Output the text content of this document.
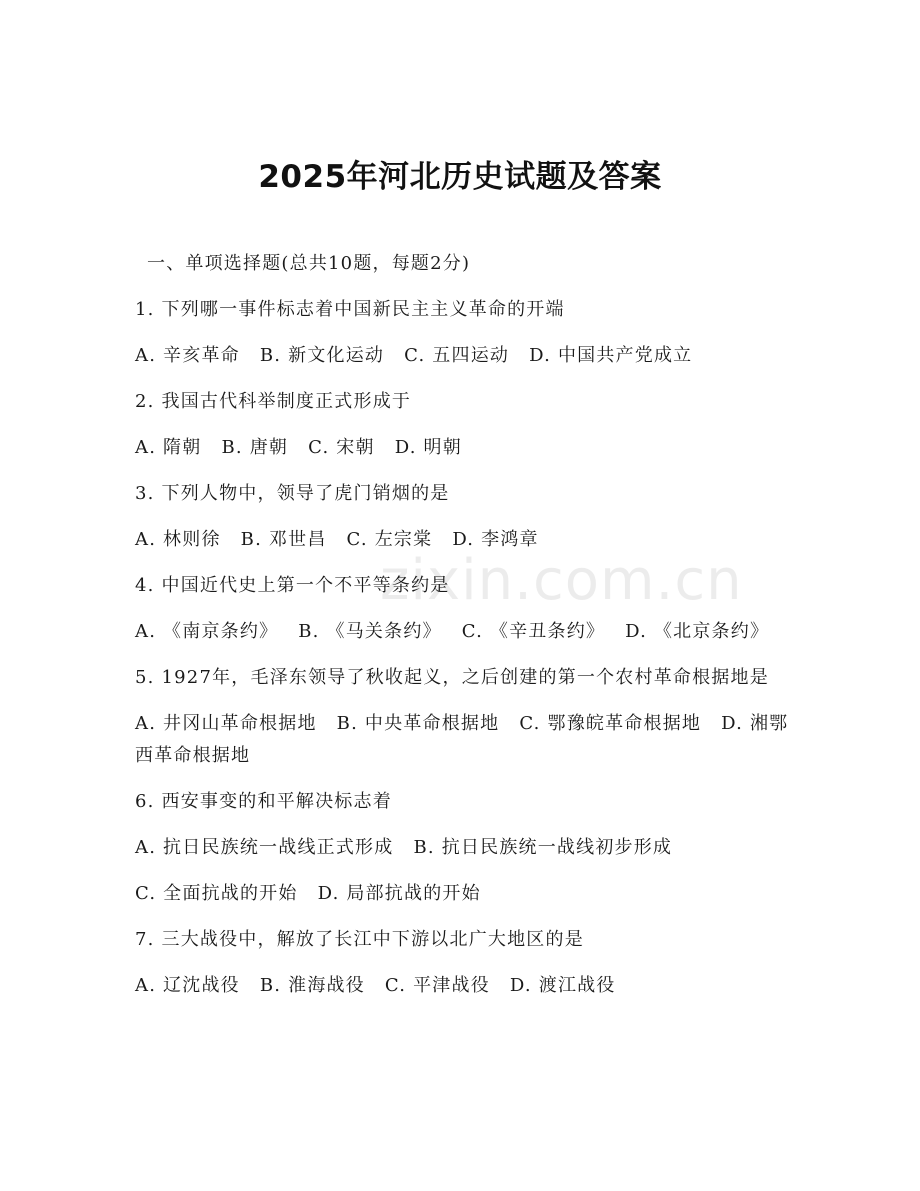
zixin.com.cn
2025年河北历史试题及答案

一、单项选择题(总共10题，每题2分)

1. 下列哪一事件标志着中国新民主主义革命的开端

A. 辛亥革命 B. 新文化运动 C. 五四运动 D. 中国共产党成立

2. 我国古代科举制度正式形成于

A. 隋朝 B. 唐朝 C. 宋朝 D. 明朝

3. 下列人物中，领导了虎门销烟的是

A. 林则徐 B. 邓世昌 C. 左宗棠 D. 李鸿章

4. 中国近代史上第一个不平等条约是

A. 《南京条约》 B. 《马关条约》 C. 《辛丑条约》 D. 《北京条约》

5. 1927年，毛泽东领导了秋收起义，之后创建的第一个农村革命根据地是

A. 井冈山革命根据地 B. 中央革命根据地 C. 鄂豫皖革命根据地 D. 湘鄂西革命根据地

6. 西安事变的和平解决标志着

A. 抗日民族统一战线正式形成 B. 抗日民族统一战线初步形成

C. 全面抗战的开始 D. 局部抗战的开始

7. 三大战役中，解放了长江中下游以北广大地区的是

A. 辽沈战役 B. 淮海战役 C. 平津战役 D. 渡江战役
